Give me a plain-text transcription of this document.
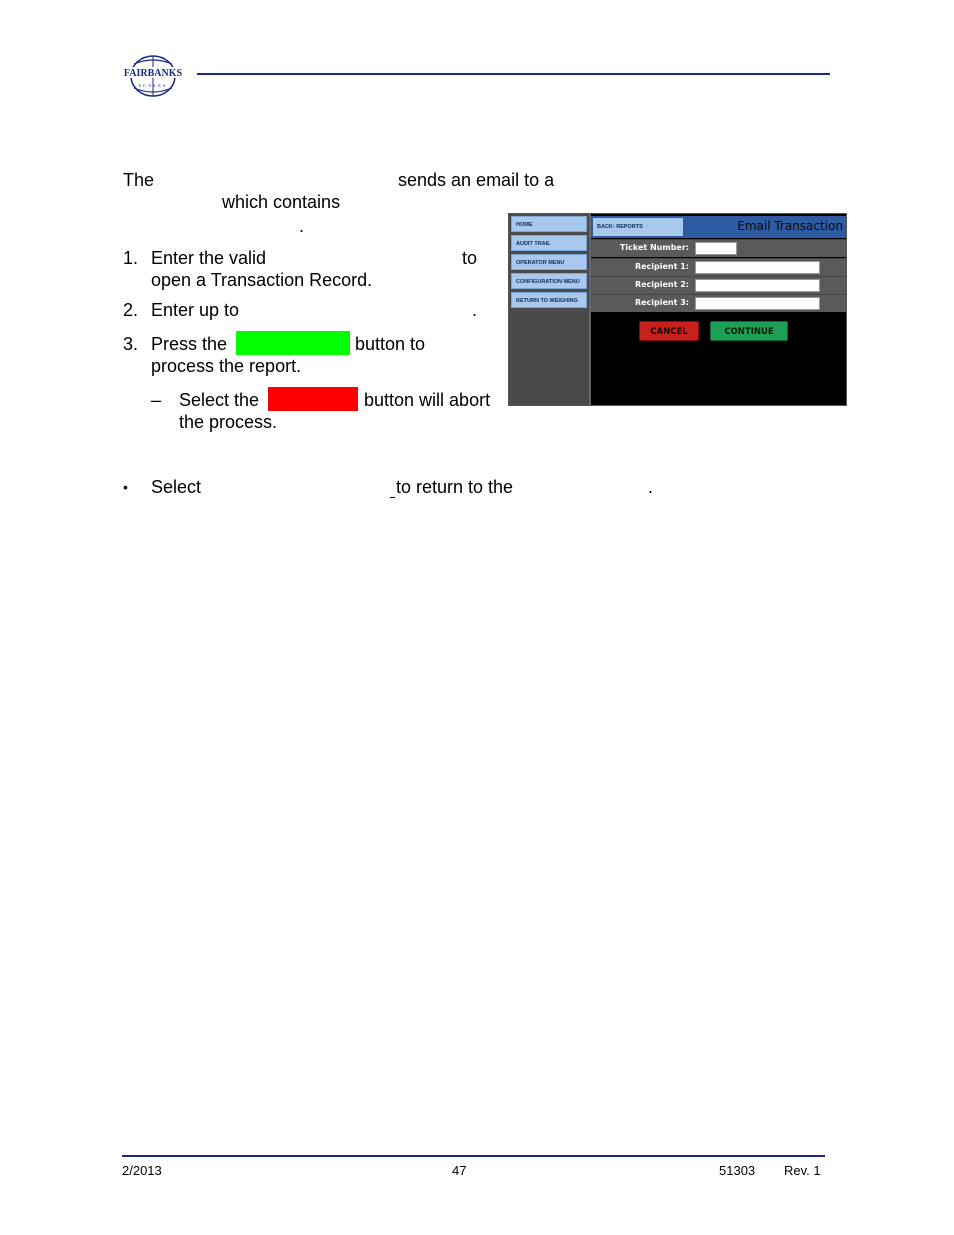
FAIRBANKS
SCALES
The	sends an email to a
which contains
.
1. Enter the valid	to
open a Transaction Record.
2. Enter up to	.
3. Press the	button to
process the report.
– Select the	button will abort
the process.
• Select	to return to the	.
HOME
AUDIT TRAIL
OPERATOR MENU
CONFIGURATION MENU
RETURN TO WEIGHING
BACK: REPORTS	Email Transaction
Ticket Number:
Recipient 1:
Recipient 2:
Recipient 3:
CANCEL	CONTINUE
2/2013	47	51303 Rev. 1
